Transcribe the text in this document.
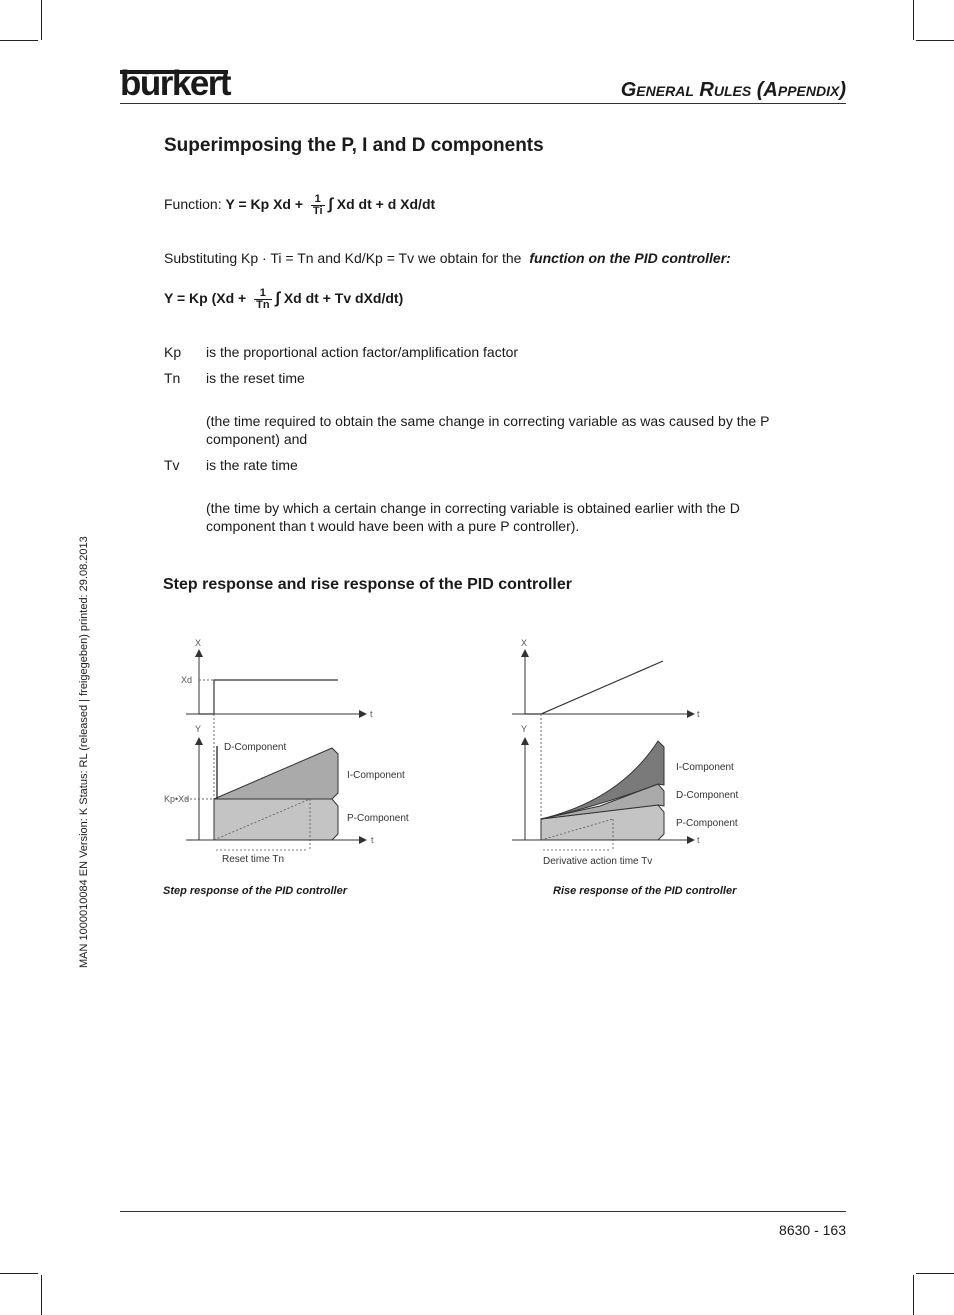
bürkert	General Rules (Appendix)
Superimposing the P, I and D components
Function: Y = Kp $Xd + \frac{1}{Ti}$ ∫ Xd dt + d Xd/dt
Substituting Kp · Ti = Tn and Kd/Kp = Tv we obtain for the function on the PID controller:
Y = Kp ($Xd + \frac{1}{Tn}$ ∫ Xd dt + Tv dXd/dt)
Kp is the proportional action factor/amplification factor
Tn is the reset time
(the time required to obtain the same change in correcting variable as was caused by the P component) and
Tv is the rate time
(the time by which a certain change in correcting variable is obtained earlier with the D component than t would have been with a pure P controller).
Step response and rise response of the PID controller
X
Xd
t
Y
D-Component
I-Component
Kp•Xd
P-Component
t
Reset time Tn
X
t
Y
I-Component
D-Component
P-Component
t
Derivative action time Tv
Step response of the PID controller	Rise response of the PID controller
MAN 1000010084 EN Version: K Status: RL (released | freigegeben) printed: 29.08.2013
8630 - 163
